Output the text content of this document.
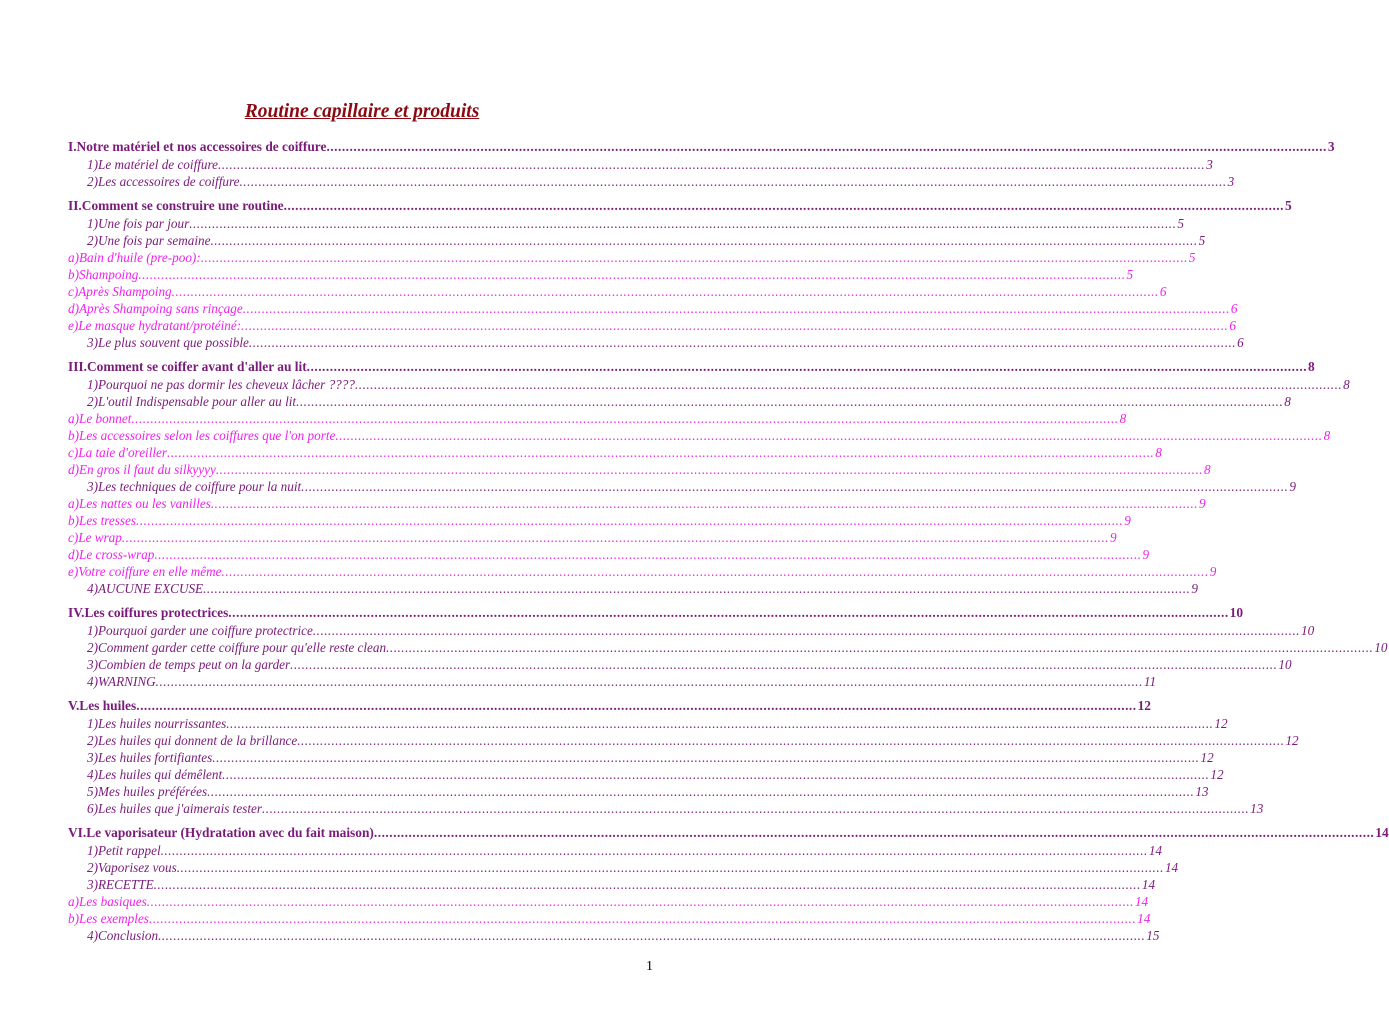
Routine capillaire et produits
I.Notre matériel et nos accessoires de coiffure .................................................................................................................................................................................................................................................................... 3
1)Le matériel de coiffure .................................................................................................................................................................................................................................................................... 3
2)Les accessoires de coiffure .................................................................................................................................................................................................................................................................... 3
II.Comment se construire une routine .................................................................................................................................................................................................................................................................... 5
1)Une fois par jour .................................................................................................................................................................................................................................................................... 5
2)Une fois par semaine .................................................................................................................................................................................................................................................................... 5
a)Bain d'huile (pre-poo): .................................................................................................................................................................................................................................................................... 5
b)Shampoing .................................................................................................................................................................................................................................................................... 5
c)Après Shampoing .................................................................................................................................................................................................................................................................... 6
d)Après Shampoing sans rinçage .................................................................................................................................................................................................................................................................... 6
e)Le masque hydratant/protéiné: .................................................................................................................................................................................................................................................................... 6
3)Le plus souvent que possible .................................................................................................................................................................................................................................................................... 6
III.Comment se coiffer avant d'aller au lit .................................................................................................................................................................................................................................................................... 8
1)Pourquoi ne pas dormir les cheveux lâcher ???? .................................................................................................................................................................................................................................................................... 8
2)L'outil Indispensable pour aller au lit .................................................................................................................................................................................................................................................................... 8
a)Le bonnet .................................................................................................................................................................................................................................................................... 8
b)Les accessoires selon les coiffures que l'on porte .................................................................................................................................................................................................................................................................... 8
c)La taie d'oreiller .................................................................................................................................................................................................................................................................... 8
d)En gros il faut du silkyyyy .................................................................................................................................................................................................................................................................... 8
3)Les techniques de coiffure pour la nuit .................................................................................................................................................................................................................................................................... 9
a)Les nattes ou les vanilles .................................................................................................................................................................................................................................................................... 9
b)Les tresses .................................................................................................................................................................................................................................................................... 9
c)Le wrap .................................................................................................................................................................................................................................................................... 9
d)Le cross-wrap .................................................................................................................................................................................................................................................................... 9
e)Votre coiffure en elle même .................................................................................................................................................................................................................................................................... 9
4)AUCUNE EXCUSE .................................................................................................................................................................................................................................................................... 9
IV.Les coiffures protectrices .................................................................................................................................................................................................................................................................... 10
1)Pourquoi garder une coiffure protectrice .................................................................................................................................................................................................................................................................... 10
2)Comment garder cette coiffure pour qu'elle reste clean .................................................................................................................................................................................................................................................................... 10
3)Combien de temps peut on la garder .................................................................................................................................................................................................................................................................... 10
4)WARNING .................................................................................................................................................................................................................................................................... 11
V.Les huiles .................................................................................................................................................................................................................................................................... 12
1)Les huiles nourrissantes .................................................................................................................................................................................................................................................................... 12
2)Les huiles qui donnent de la brillance .................................................................................................................................................................................................................................................................... 12
3)Les huiles fortifiantes .................................................................................................................................................................................................................................................................... 12
4)Les huiles qui démêlent .................................................................................................................................................................................................................................................................... 12
5)Mes huiles préférées .................................................................................................................................................................................................................................................................... 13
6)Les huiles que j'aimerais tester .................................................................................................................................................................................................................................................................... 13
VI.Le vaporisateur (Hydratation avec du fait maison) .................................................................................................................................................................................................................................................................... 14
1)Petit rappel .................................................................................................................................................................................................................................................................... 14
2)Vaporisez vous .................................................................................................................................................................................................................................................................... 14
3)RECETTE .................................................................................................................................................................................................................................................................... 14
a)Les basiques .................................................................................................................................................................................................................................................................... 14
b)Les exemples .................................................................................................................................................................................................................................................................... 14
4)Conclusion .................................................................................................................................................................................................................................................................... 15
1
